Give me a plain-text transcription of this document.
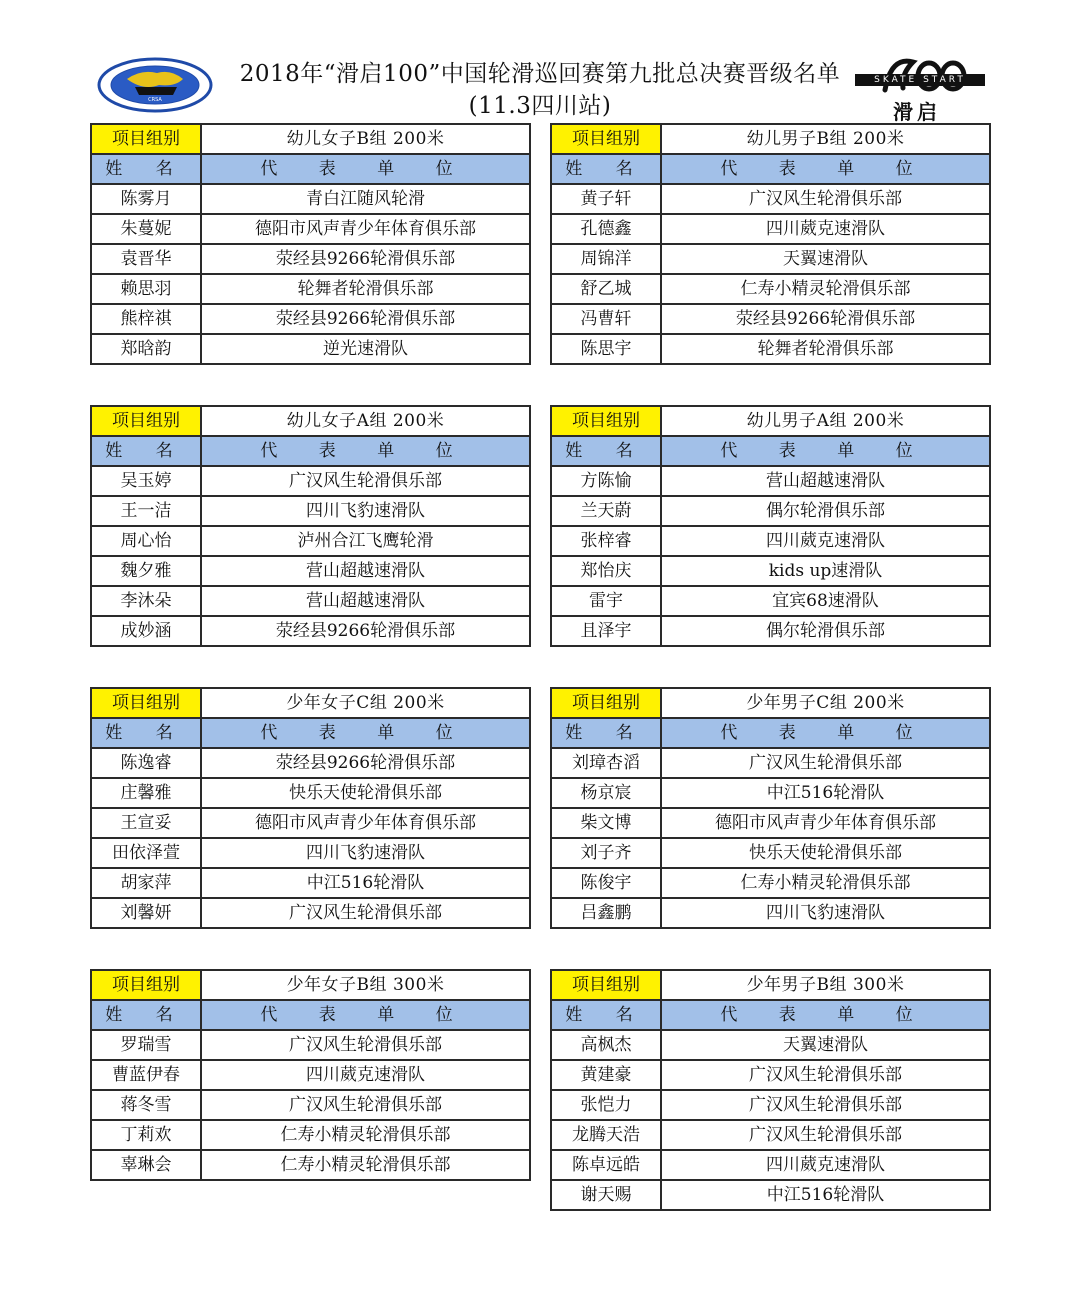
CRSA
2018年“滑启100”中国轮滑巡回赛第九批总决赛晋级名单
(11.3四川站)
SKATE START
滑启
项目组别	幼儿女子B组 200米
姓 名	代 表 单 位
陈雾月	青白江随风轮滑
朱蔓妮	德阳市风声青少年体育俱乐部
袁晋华	荥经县9266轮滑俱乐部
赖思羽	轮舞者轮滑俱乐部
熊梓祺	荥经县9266轮滑俱乐部
郑晗韵	逆光速滑队
项目组别	幼儿男子B组 200米
姓 名	代 表 单 位
黄子轩	广汉风生轮滑俱乐部
孔德鑫	四川葳克速滑队
周锦洋	天翼速滑队
舒乙城	仁寿小精灵轮滑俱乐部
冯曹轩	荥经县9266轮滑俱乐部
陈思宇	轮舞者轮滑俱乐部
项目组别	幼儿女子A组 200米
姓 名	代 表 单 位
吴玉婷	广汉风生轮滑俱乐部
王一洁	四川飞豹速滑队
周心怡	泸州合江飞鹰轮滑
魏夕雅	营山超越速滑队
李沐朵	营山超越速滑队
成妙涵	荥经县9266轮滑俱乐部
项目组别	幼儿男子A组 200米
姓 名	代 表 单 位
方陈愉	营山超越速滑队
兰天蔚	偶尔轮滑俱乐部
张梓睿	四川葳克速滑队
郑怡庆	kids up速滑队
雷宇	宜宾68速滑队
且泽宇	偶尔轮滑俱乐部
项目组别	少年女子C组 200米
姓 名	代 表 单 位
陈逸睿	荥经县9266轮滑俱乐部
庄馨雅	快乐天使轮滑俱乐部
王宣妥	德阳市风声青少年体育俱乐部
田依泽萱	四川飞豹速滑队
胡家萍	中江516轮滑队
刘馨妍	广汉风生轮滑俱乐部
项目组别	少年男子C组 200米
姓 名	代 表 单 位
刘璋杏滔	广汉风生轮滑俱乐部
杨京宸	中江516轮滑队
柴文博	德阳市风声青少年体育俱乐部
刘子齐	快乐天使轮滑俱乐部
陈俊宇	仁寿小精灵轮滑俱乐部
吕鑫鹏	四川飞豹速滑队
项目组别	少年女子B组 300米
姓 名	代 表 单 位
罗瑞雪	广汉风生轮滑俱乐部
曹蓝伊春	四川葳克速滑队
蒋冬雪	广汉风生轮滑俱乐部
丁莉欢	仁寿小精灵轮滑俱乐部
辜琳会	仁寿小精灵轮滑俱乐部
项目组别	少年男子B组 300米
姓 名	代 表 单 位
高枫杰	天翼速滑队
黄建豪	广汉风生轮滑俱乐部
张恺力	广汉风生轮滑俱乐部
龙腾天浩	广汉风生轮滑俱乐部
陈卓远皓	四川葳克速滑队
谢天赐	中江516轮滑队
